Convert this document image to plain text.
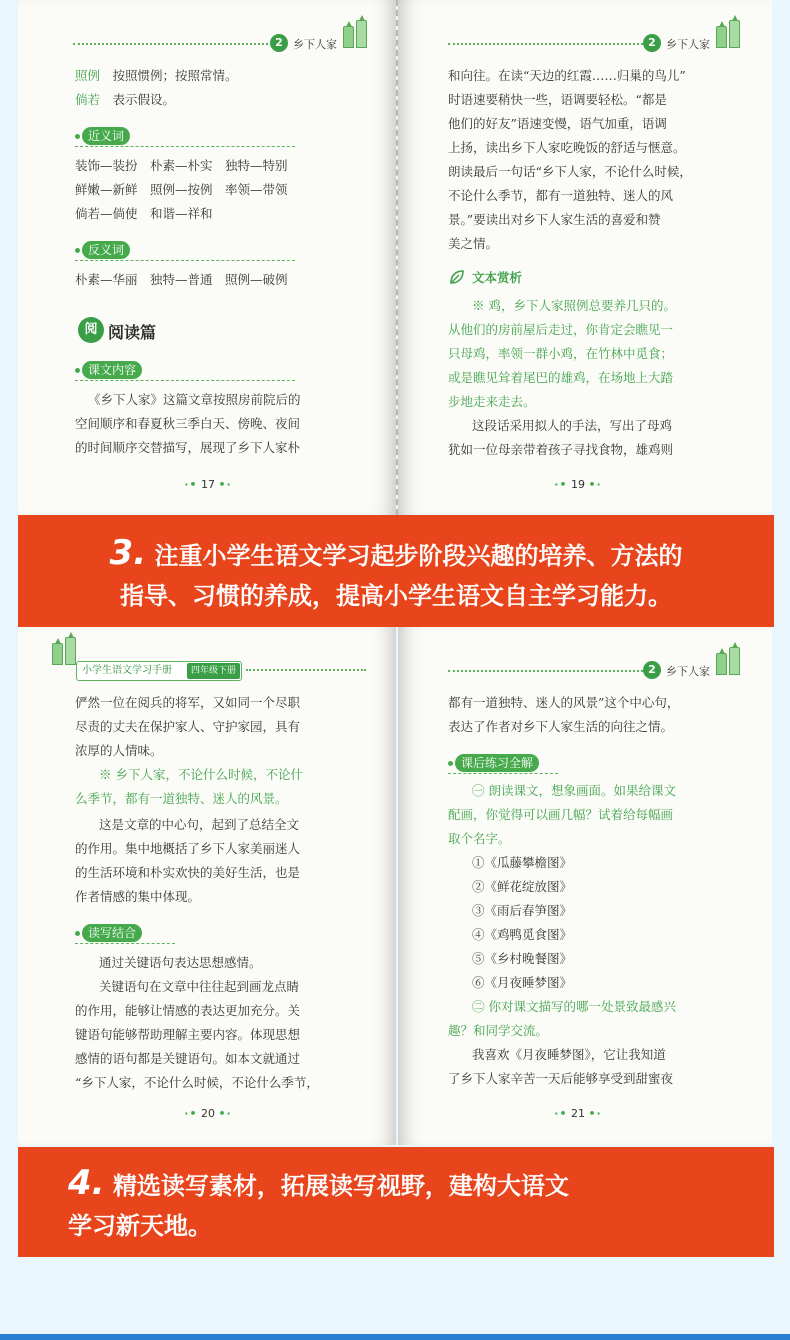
2 乡下人家
照例　 按照惯例；按照常情。
倘若　 表示假设。
近义词
装饰—装扮　朴素—朴实　独特—特别
鲜嫩—新鲜　照例—按例　率领—带领
倘若—倘使　和谐—祥和
反义词
朴素—华丽　独特—普通　照例—破例
阅 阅读篇
课文内容
《乡下人家》这篇文章按照房前院后的
空间顺序和春夏秋三季白天、傍晚、夜间
的时间顺序交替描写，展现了乡下人家朴
·• 17 •·
2 乡下人家
和向往。在读“天边的红霞……归巢的鸟儿”
时语速要稍快一些，语调要轻松。“都是
他们的好友”语速变慢，语气加重，语调
上扬，读出乡下人家吃晚饭的舒适与惬意。
朗读最后一句话“乡下人家，不论什么时候，
不论什么季节，都有一道独特、迷人的风
景。”要读出对乡下人家生活的喜爱和赞
美之情。
文本赏析
※ 鸡，乡下人家照例总要养几只的。
从他们的房前屋后走过，你肯定会瞧见一
只母鸡，率领一群小鸡，在竹林中觅食；
或是瞧见耸着尾巴的雄鸡，在场地上大踏
步地走来走去。
这段话采用拟人的手法，写出了母鸡
犹如一位母亲带着孩子寻找食物，雄鸡则
·• 19 •·
3. 注重小学生语文学习起步阶段兴趣的培养、方法的
指导、习惯的养成，提高小学生语文自主学习能力。
小学生语文学习手册	四年级下册
俨然一位在阅兵的将军，又如同一个尽职
尽责的丈夫在保护家人、守护家园，具有
浓厚的人情味。
※ 乡下人家，不论什么时候，不论什
么季节，都有一道独特、迷人的风景。
这是文章的中心句，起到了总结全文
的作用。集中地概括了乡下人家美丽迷人
的生活环境和朴实欢快的美好生活，也是
作者情感的集中体现。
读写结合
通过关键语句表达思想感情。
关键语句在文章中往往起到画龙点睛
的作用，能够让情感的表达更加充分。关
键语句能够帮助理解主要内容。体现思想
感情的语句都是关键语句。如本文就通过
“乡下人家，不论什么时候，不论什么季节，
·• 20 •·
2 乡下人家
都有一道独特、迷人的风景”这个中心句，
表达了作者对乡下人家生活的向往之情。
课后练习全解
㊀ 朗读课文，想象画面。如果给课文
配画，你觉得可以画几幅？试着给每幅画
取个名字。
①《瓜藤攀檐图》
②《鲜花绽放图》
③《雨后春笋图》
④《鸡鸭觅食图》
⑤《乡村晚餐图》
⑥《月夜睡梦图》
㊁ 你对课文描写的哪一处景致最感兴
趣？和同学交流。
我喜欢《月夜睡梦图》，它让我知道
了乡下人家辛苦一天后能够享受到甜蜜夜
·• 21 •·
4. 精选读写素材，拓展读写视野，建构大语文
学习新天地。
